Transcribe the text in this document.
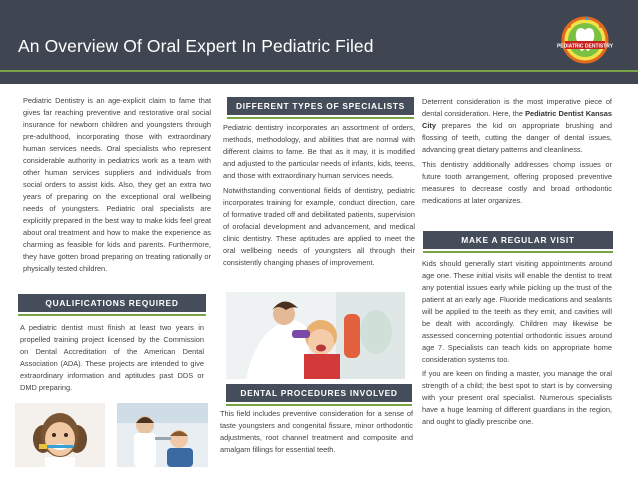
An Overview Of Oral Expert In Pediatric Filed	PEDIATRIC DENTISTRY
Pediatric Dentistry is an age-explicit claim to fame that gives far reaching preventive and restorative oral social insurance for newborn children and youngsters through pre-adulthood, incorporating those with extraordinary human services needs. Oral specialists who represent considerable authority in pediatrics work as a team with other human services suppliers and individuals from social orders to assist kids. Also, they get an extra two years of preparing on the exceptional oral wellbeing needs of youngsters. Pediatric oral specialists are explicitly prepared in the best way to make kids feel great about oral treatment and how to make the experience as charming as feasible for kids and parents. Furthermore, they have gotten broad preparing on treating rationally or physically tested children.
QUALIFICATIONS REQUIRED
A pediatric dentist must finish at least two years in propelled training project licensed by the Commission on Dental Accreditation of the American Dental Association (ADA). These projects are intended to give extraordinary information and aptitudes past DDS or DMD preparing.
DIFFERENT TYPES OF SPECIALISTS
Pediatric dentistry incorporates an assortment of orders, methods, methodology, and abilities that are normal with different claims to fame. Be that as it may, it is modified and adjusted to the particular needs of infants, kids, teens, and those with extraordinary human services needs.
Notwithstanding conventional fields of dentistry, pediatric incorporates training for example, conduct direction, care of formative traded off and debilitated patients, supervision of orofacial development and advancement, and medical clinic dentistry. These aptitudes are applied to meet the oral wellbeing needs of youngsters all through their consistently changing phases of improvement.
DENTAL PROCEDURES INVOLVED
This field includes preventive consideration for a sense of taste youngsters and congenital fissure, minor orthodontic adjustments, root channel treatment and composite and amalgam fillings for essential teeth.
Deterrent consideration is the most imperative piece of dental consideration. Here, the Pediatric Dentist Kansas City prepares the kid on appropriate brushing and flossing of teeth, cutting the danger of dental issues, advancing great dietary patterns and cleanliness.
This dentistry additionally addresses chomp issues or future tooth arrangement, offering proposed preventive measures to decrease costly and broad orthodontic medications at later organizes.
MAKE A REGULAR VISIT
Kids should generally start visiting appointments around age one. These initial visits will enable the dentist to treat any potential issues early while picking up the trust of the patient at an early age. Fluoride medications and sealants will be applied to the teeth as they emit, and cavities will be dealt with accordingly. Children may likewise be assessed concerning potential orthodontic issues around age 7. Specialists can teach kids on appropriate home consideration systems too.
If you are keen on finding a master, you manage the oral strength of a child; the best spot to start is by conversing with your present oral specialist. Numerous specialists have a huge learning of different guardians in the region, and ought to gladly prescribe one.
